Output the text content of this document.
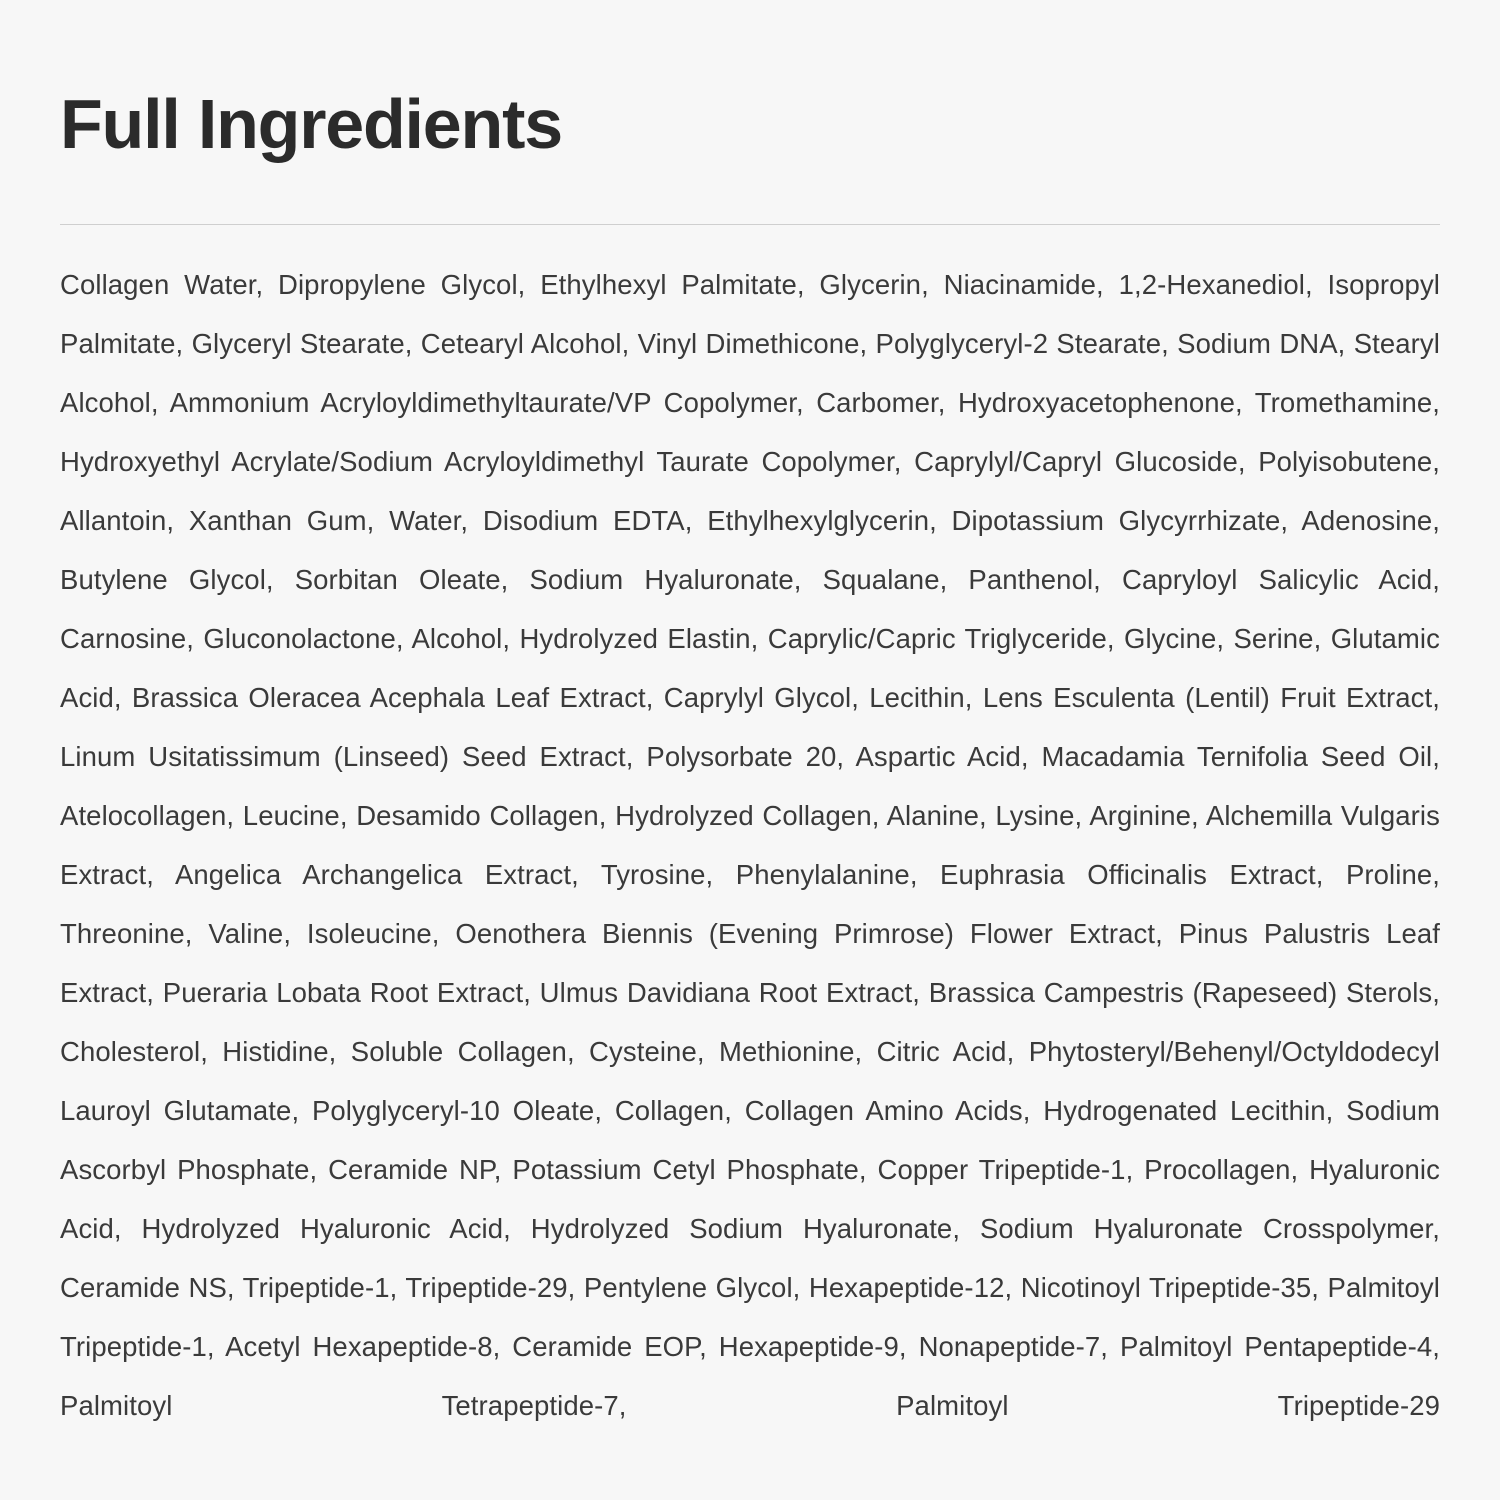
Full Ingredients

Collagen Water, Dipropylene Glycol, Ethylhexyl Palmitate, Glycerin, Niacinamide, 1,2-Hexanediol, Isopropyl Palmitate, Glyceryl Stearate, Cetearyl Alcohol, Vinyl Dimethicone, Polyglyceryl-2 Stearate, Sodium DNA, Stearyl Alcohol, Ammonium Acryloyldimethyltaurate/VP Copolymer, Carbomer, Hydroxyacetophenone, Tromethamine, Hydroxyethyl Acrylate/Sodium Acryloyldimethyl Taurate Copolymer, Caprylyl/Capryl Glucoside, Polyisobutene, Allantoin, Xanthan Gum, Water, Disodium EDTA, Ethylhexylglycerin, Dipotassium Glycyrrhizate, Adenosine, Butylene Glycol, Sorbitan Oleate, Sodium Hyaluronate, Squalane, Panthenol, Capryloyl Salicylic Acid, Carnosine, Gluconolactone, Alcohol, Hydrolyzed Elastin, Caprylic/Capric Triglyceride, Glycine, Serine, Glutamic Acid, Brassica Oleracea Acephala Leaf Extract, Caprylyl Glycol, Lecithin, Lens Esculenta (Lentil) Fruit Extract, Linum Usitatissimum (Linseed) Seed Extract, Polysorbate 20, Aspartic Acid, Macadamia Ternifolia Seed Oil, Atelocollagen, Leucine, Desamido Collagen, Hydrolyzed Collagen, Alanine, Lysine, Arginine, Alchemilla Vulgaris Extract, Angelica Archangelica Extract, Tyrosine, Phenylalanine, Euphrasia Officinalis Extract, Proline, Threonine, Valine, Isoleucine, Oenothera Biennis (Evening Primrose) Flower Extract, Pinus Palustris Leaf Extract, Pueraria Lobata Root Extract, Ulmus Davidiana Root Extract, Brassica Campestris (Rapeseed) Sterols, Cholesterol, Histidine, Soluble Collagen, Cysteine, Methionine, Citric Acid, Phytosteryl/Behenyl/Octyldodecyl Lauroyl Glutamate, Polyglyceryl-10 Oleate, Collagen, Collagen Amino Acids, Hydrogenated Lecithin, Sodium Ascorbyl Phosphate, Ceramide NP, Potassium Cetyl Phosphate, Copper Tripeptide-1, Procollagen, Hyaluronic Acid, Hydrolyzed Hyaluronic Acid, Hydrolyzed Sodium Hyaluronate, Sodium Hyaluronate Crosspolymer, Ceramide NS, Tripeptide-1, Tripeptide-29, Pentylene Glycol, Hexapeptide-12, Nicotinoyl Tripeptide-35, Palmitoyl Tripeptide-1, Acetyl Hexapeptide-8, Ceramide EOP, Hexapeptide-9, Nonapeptide-7, Palmitoyl Pentapeptide-4, Palmitoyl Tetrapeptide-7, Palmitoyl Tripeptide-29
